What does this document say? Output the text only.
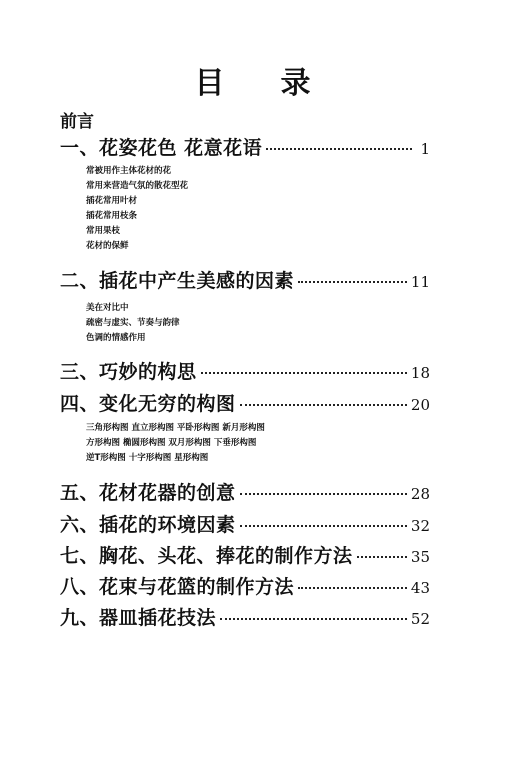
目 录
前言
一、花姿花色 花意花语	1
常被用作主体花材的花
常用来营造气氛的散花型花
插花常用叶材
插花常用枝条
常用果枝
花材的保鲜
二、插花中产生美感的因素	11
美在对比中
疏密与虚实、节奏与韵律
色调的情感作用
三、巧妙的构思	18
四、变化无穷的构图	20
三角形构图 直立形构图 平卧形构图 新月形构图
方形构图 椭圆形构图 双月形构图 下垂形构图
逆T形构图 十字形构图 星形构图
五、花材花器的创意	28
六、插花的环境因素	32
七、胸花、头花、捧花的制作方法	35
八、花束与花篮的制作方法	43
九、器皿插花技法	52
